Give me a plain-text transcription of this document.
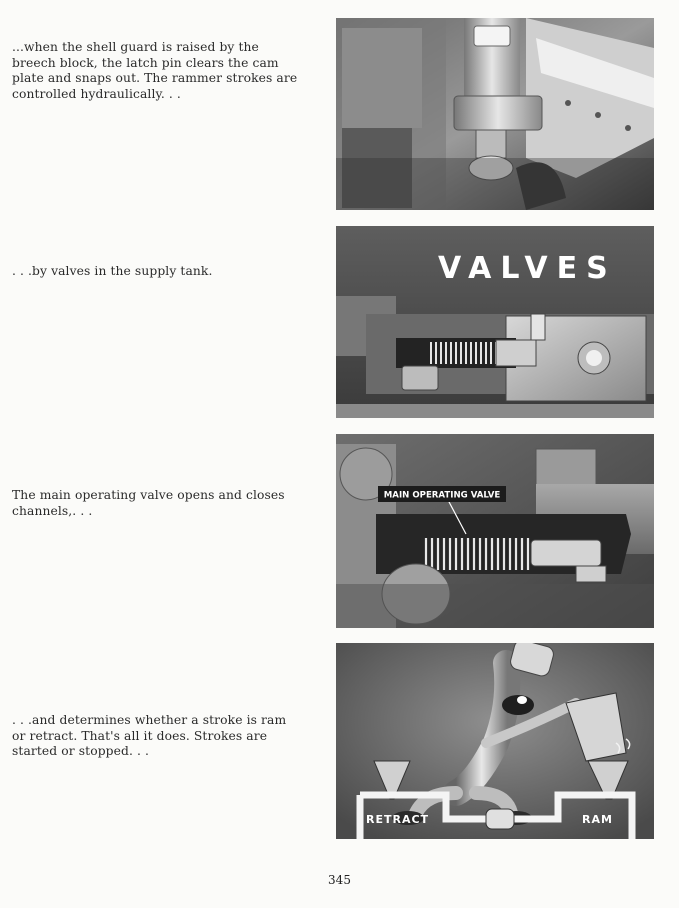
...when the shell guard is raised by the
breech block, the latch pin clears the cam
plate and snaps out. The rammer strokes are
controlled hydraulically. . .
. . .by valves in the supply tank.
The main operating valve opens and closes
channels,. . .
. . .and determines whether a stroke is ram
or retract. That's all it does. Strokes are
started or stopped. . .
VALVES
MAIN OPERATING VALVE
RETRACT	RAM
345
